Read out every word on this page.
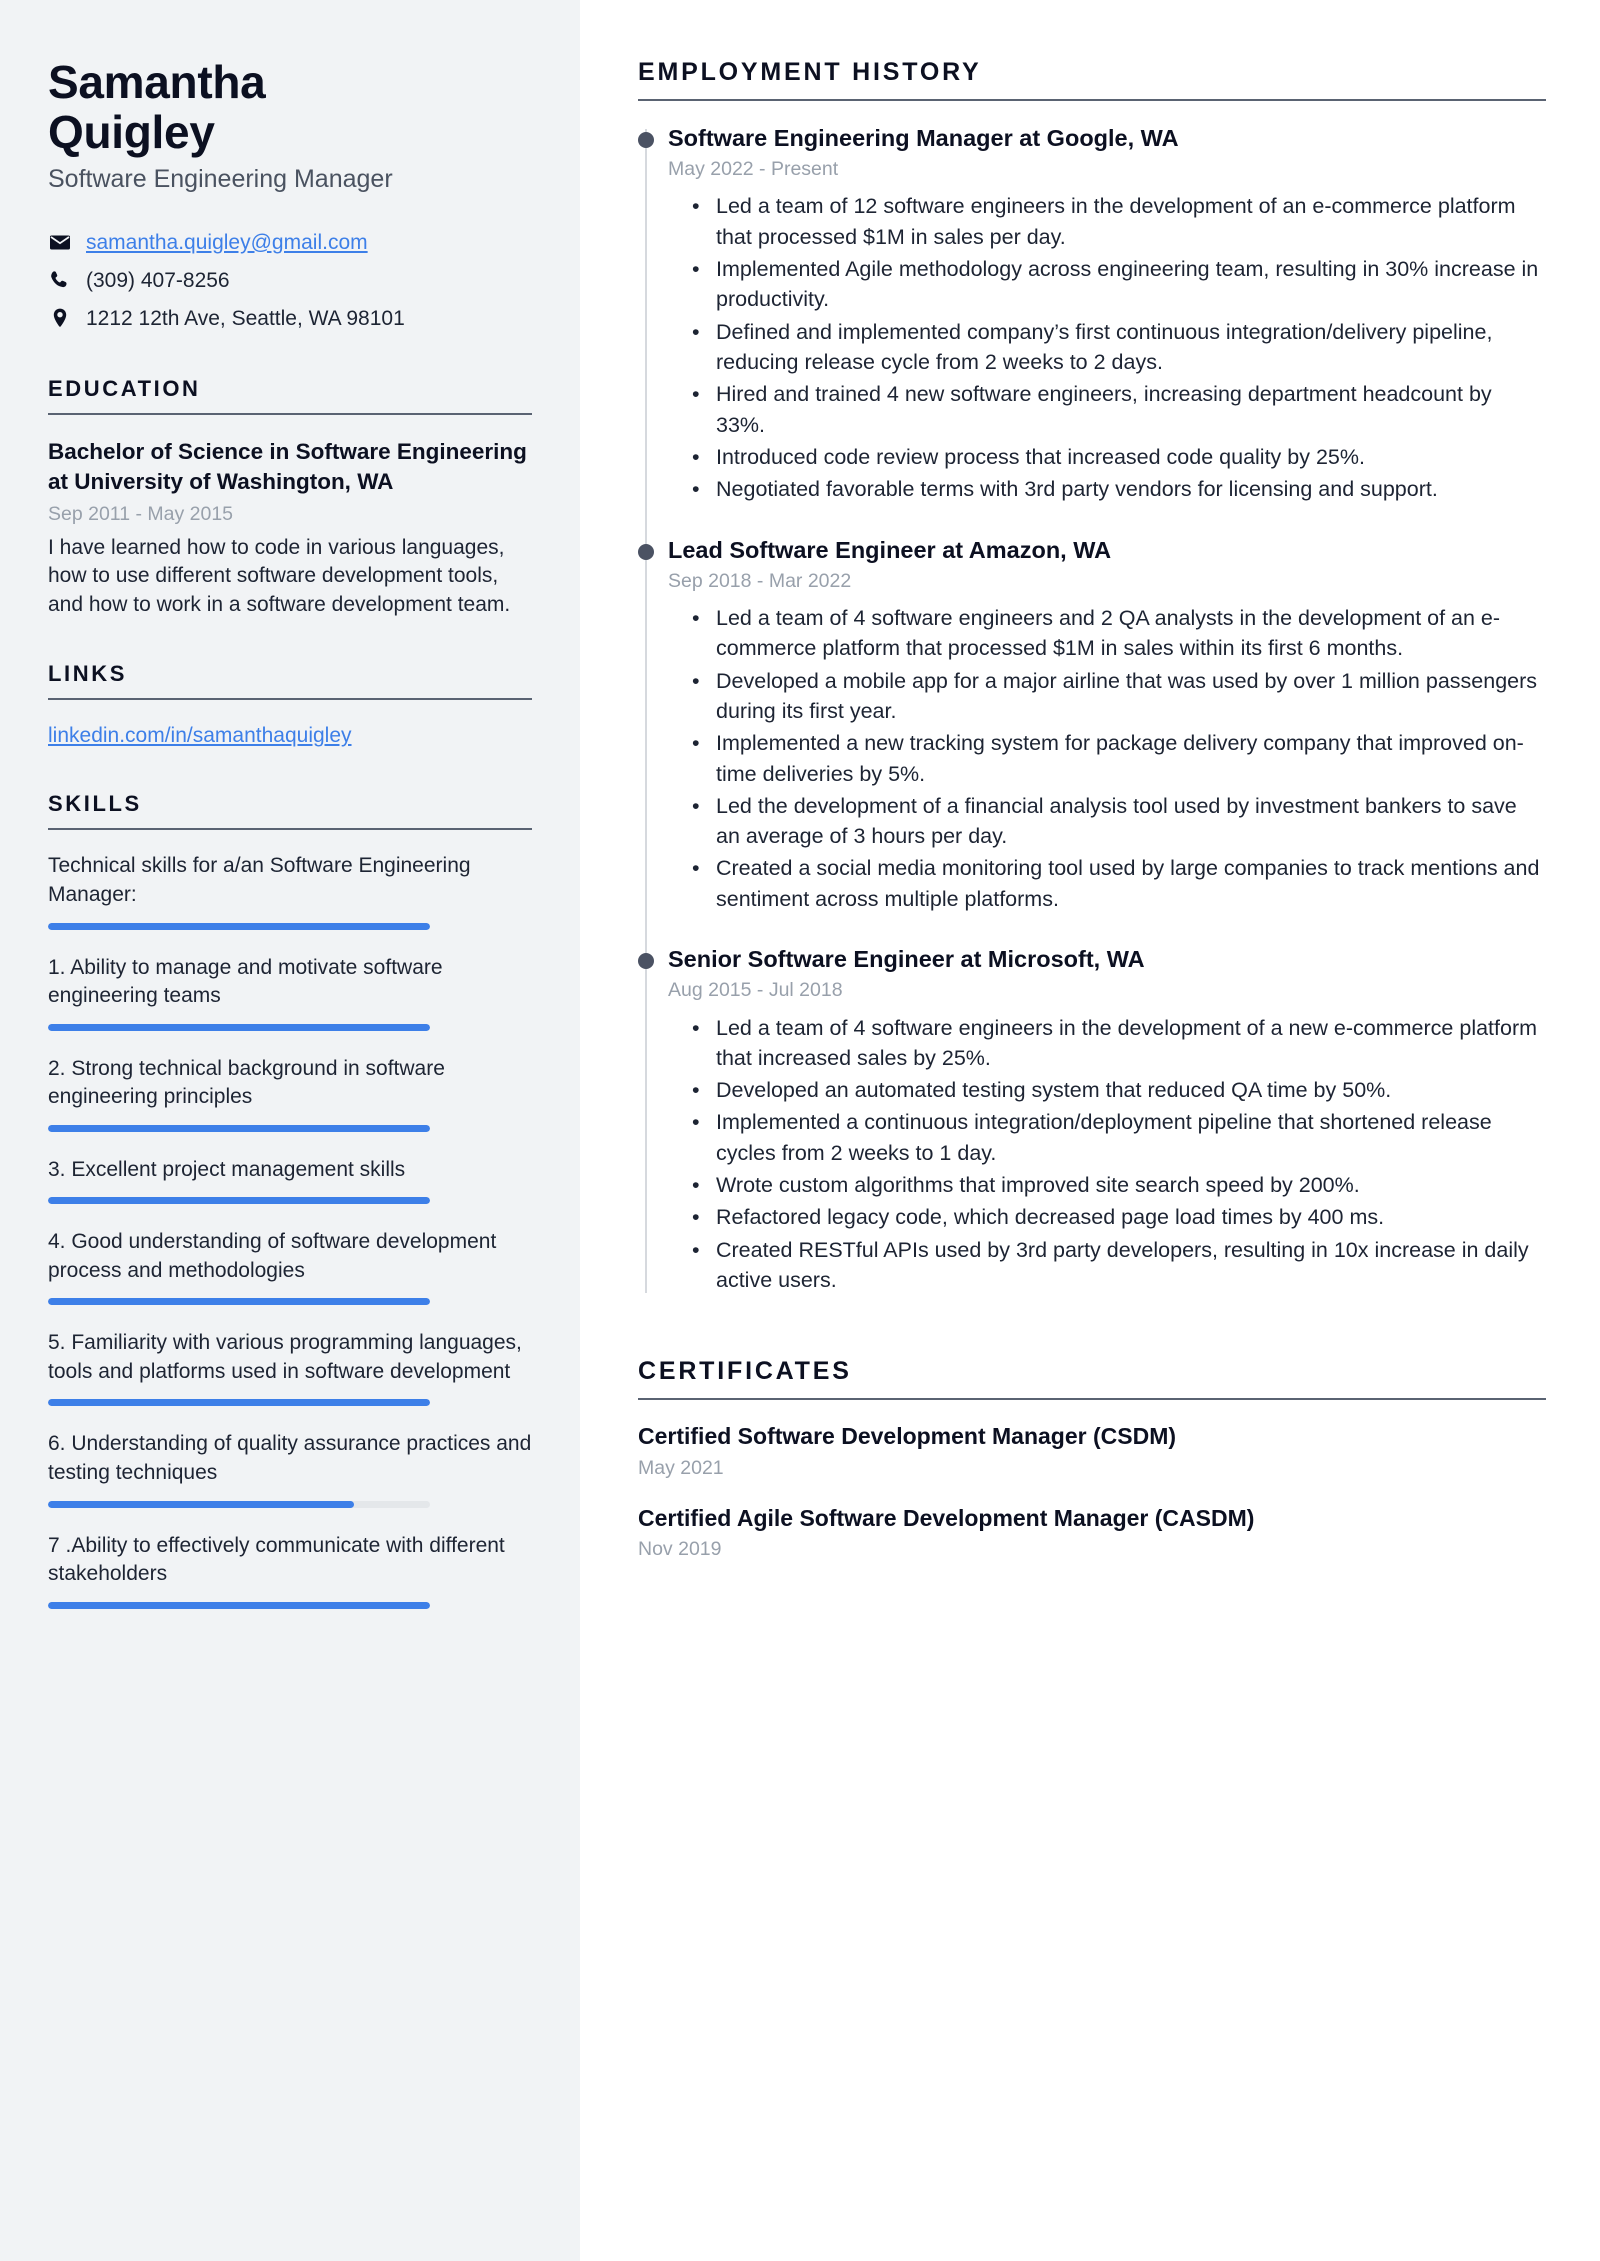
Samantha Quigley
Software Engineering Manager
samantha.quigley@gmail.com
(309) 407-8256
1212 12th Ave, Seattle, WA 98101
EDUCATION
Bachelor of Science in Software Engineering at University of Washington, WA
Sep 2011 - May 2015
I have learned how to code in various languages, how to use different software development tools, and how to work in a software development team.
LINKS
linkedin.com/in/samanthaquigley
SKILLS
Technical skills for a/an Software Engineering Manager:
1. Ability to manage and motivate software engineering teams
2. Strong technical background in software engineering principles
3. Excellent project management skills
4. Good understanding of software development process and methodologies
5. Familiarity with various programming languages, tools and platforms used in software development
6. Understanding of quality assurance practices and testing techniques
7 .Ability to effectively communicate with different stakeholders
EMPLOYMENT HISTORY
Software Engineering Manager at Google, WA
May 2022 - Present
• Led a team of 12 software engineers in the development of an e-commerce platform that processed $1M in sales per day.
• Implemented Agile methodology across engineering team, resulting in 30% increase in productivity.
• Defined and implemented company’s first continuous integration/delivery pipeline, reducing release cycle from 2 weeks to 2 days.
• Hired and trained 4 new software engineers, increasing department headcount by 33%.
• Introduced code review process that increased code quality by 25%.
• Negotiated favorable terms with 3rd party vendors for licensing and support.
Lead Software Engineer at Amazon, WA
Sep 2018 - Mar 2022
• Led a team of 4 software engineers and 2 QA analysts in the development of an e-commerce platform that processed $1M in sales within its first 6 months.
• Developed a mobile app for a major airline that was used by over 1 million passengers during its first year.
• Implemented a new tracking system for package delivery company that improved on-time deliveries by 5%.
• Led the development of a financial analysis tool used by investment bankers to save an average of 3 hours per day.
• Created a social media monitoring tool used by large companies to track mentions and sentiment across multiple platforms.
Senior Software Engineer at Microsoft, WA
Aug 2015 - Jul 2018
• Led a team of 4 software engineers in the development of a new e-commerce platform that increased sales by 25%.
• Developed an automated testing system that reduced QA time by 50%.
• Implemented a continuous integration/deployment pipeline that shortened release cycles from 2 weeks to 1 day.
• Wrote custom algorithms that improved site search speed by 200%.
• Refactored legacy code, which decreased page load times by 400 ms.
• Created RESTful APIs used by 3rd party developers, resulting in 10x increase in daily active users.
CERTIFICATES
Certified Software Development Manager (CSDM)
May 2021
Certified Agile Software Development Manager (CASDM)
Nov 2019
